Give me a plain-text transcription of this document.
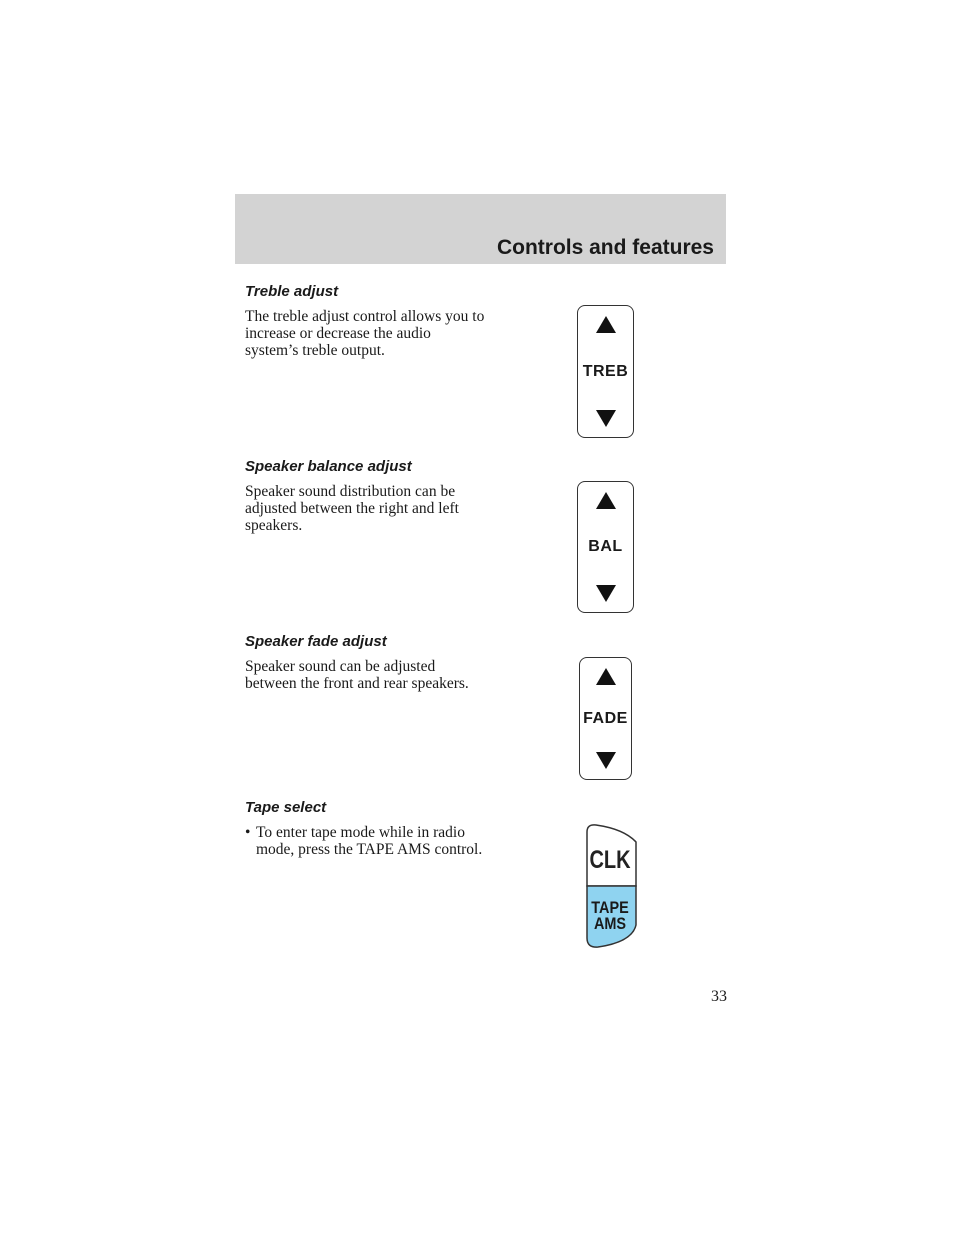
Controls and features
Treble adjust

The treble adjust control allows you to increase or decrease the audio system’s treble output.

Speaker balance adjust

Speaker sound distribution can be adjusted between the right and left speakers.

Speaker fade adjust

Speaker sound can be adjusted between the front and rear speakers.

Tape select
• To enter tape mode while in radio mode, press the TAPE AMS control.
TREB
BAL
FADE
CLK
TAPE
AMS
33
